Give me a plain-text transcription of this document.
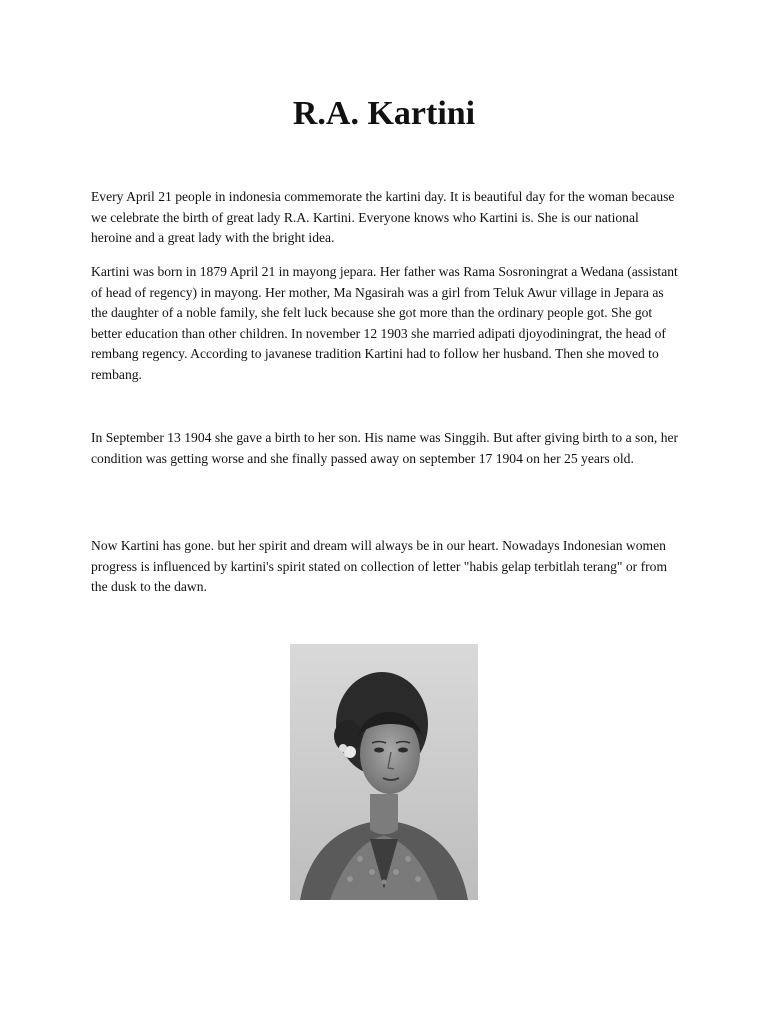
R.A. Kartini

Every April 21 people in indonesia commemorate the kartini day. It is beautiful day for the woman because we celebrate the birth of great lady R.A. Kartini. Everyone knows who Kartini is. She is our national heroine and a great lady with the bright idea.

Kartini was born in 1879 April 21 in mayong jepara. Her father was Rama Sosroningrat a Wedana (assistant of head of regency) in mayong. Her mother, Ma Ngasirah was a girl from Teluk Awur village in Jepara as the daughter of a noble family, she felt luck because she got more than the ordinary people got. She got better education than other children. In november 12 1903 she married adipati djoyodiningrat, the head of rembang regency. According to javanese tradition Kartini had to follow her husband. Then she moved to rembang.

In September 13 1904 she gave a birth to her son. His name was Singgih. But after giving birth to a son, her condition was getting worse and she finally passed away on september 17 1904 on her 25 years old.

Now Kartini has gone. but her spirit and dream will always be in our heart. Nowadays Indonesian women progress is influenced by kartini's spirit stated on collection of letter "habis gelap terbitlah terang" or from the dusk to the dawn.
